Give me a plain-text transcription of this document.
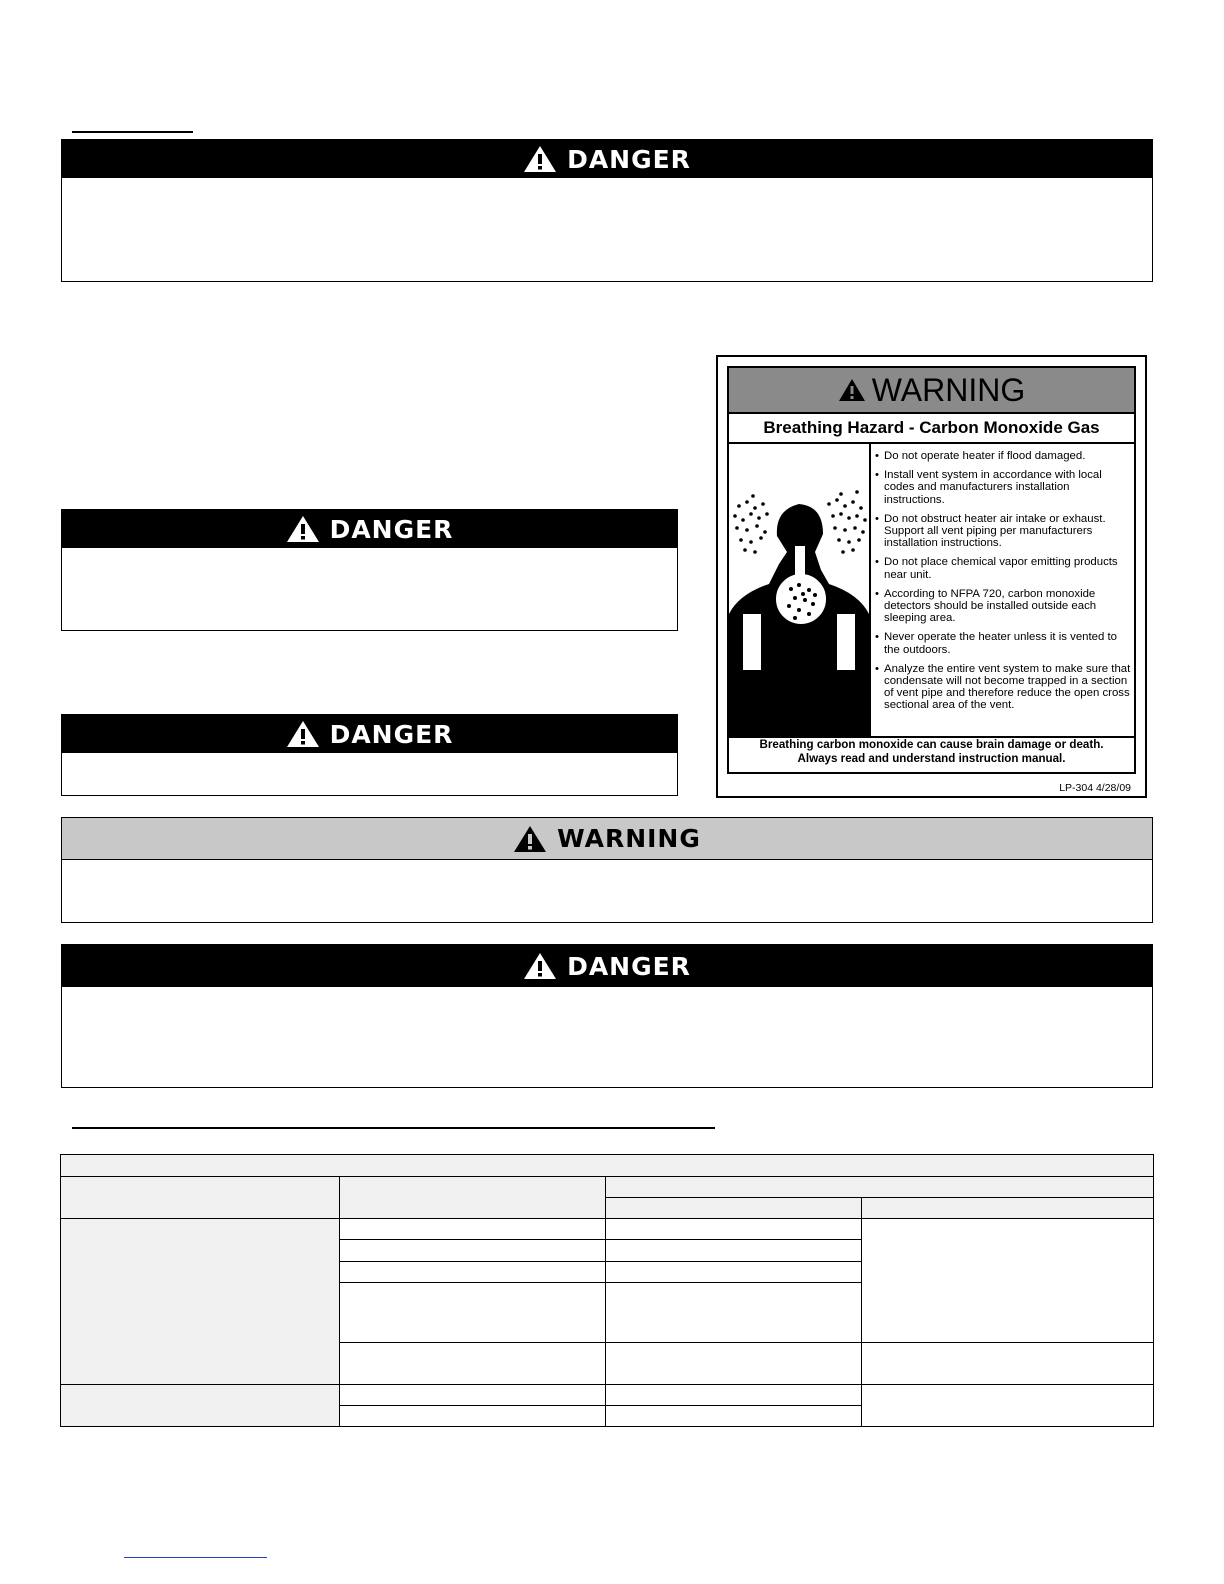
DANGER
DANGER
DANGER
WARNING
Breathing Hazard - Carbon Monoxide Gas
• Do not operate heater if flood damaged.
• Install vent system in accordance with local codes and manufacturers installation instructions.
• Do not obstruct heater air intake or exhaust. Support all vent piping per manufacturers installation instructions.
• Do not place chemical vapor emitting products near unit.
• According to NFPA 720, carbon monoxide detectors should be installed outside each sleeping area.
• Never operate the heater unless it is vented to the outdoors.
• Analyze the entire vent system to make sure that condensate will not become trapped in a section of vent pipe and therefore reduce the open cross sectional area of the vent.
Breathing carbon monoxide can cause brain damage or death.
Always read and understand instruction manual.
LP-304 4/28/09
WARNING
DANGER
